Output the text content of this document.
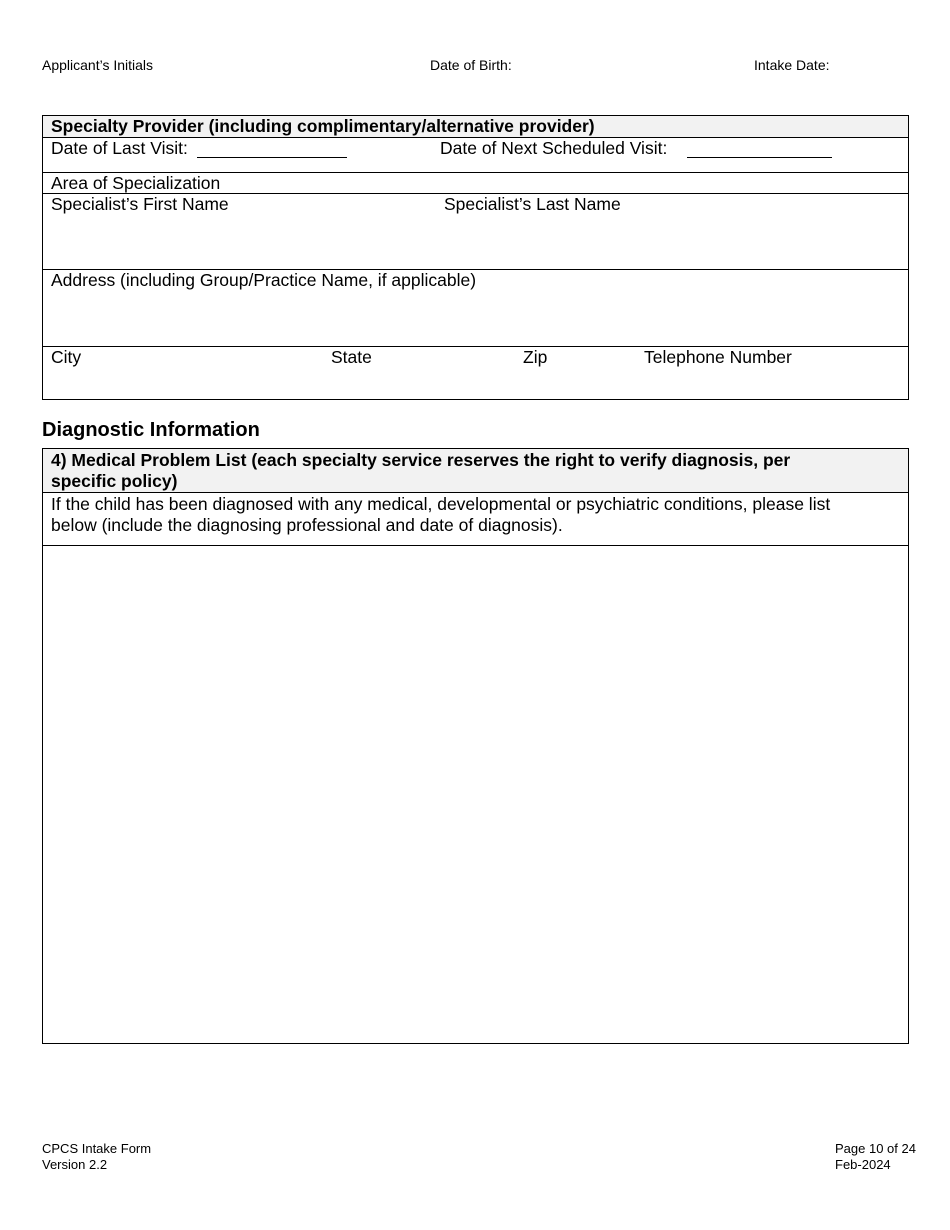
Applicant’s Initials	Date of Birth:	Intake Date:
Specialty Provider (including complimentary/alternative provider)
Date of Last Visit:	Date of Next Scheduled Visit:
Area of Specialization
Specialist’s First Name	Specialist’s Last Name
Address (including Group/Practice Name, if applicable)
City	State	Zip	Telephone Number
Diagnostic Information
4) Medical Problem List (each specialty service reserves the right to verify diagnosis, per
specific policy)
If the child has been diagnosed with any medical, developmental or psychiatric conditions, please list
below (include the diagnosing professional and date of diagnosis).
CPCS Intake Form
Version 2.2
Page 10 of 24
Feb-2024
